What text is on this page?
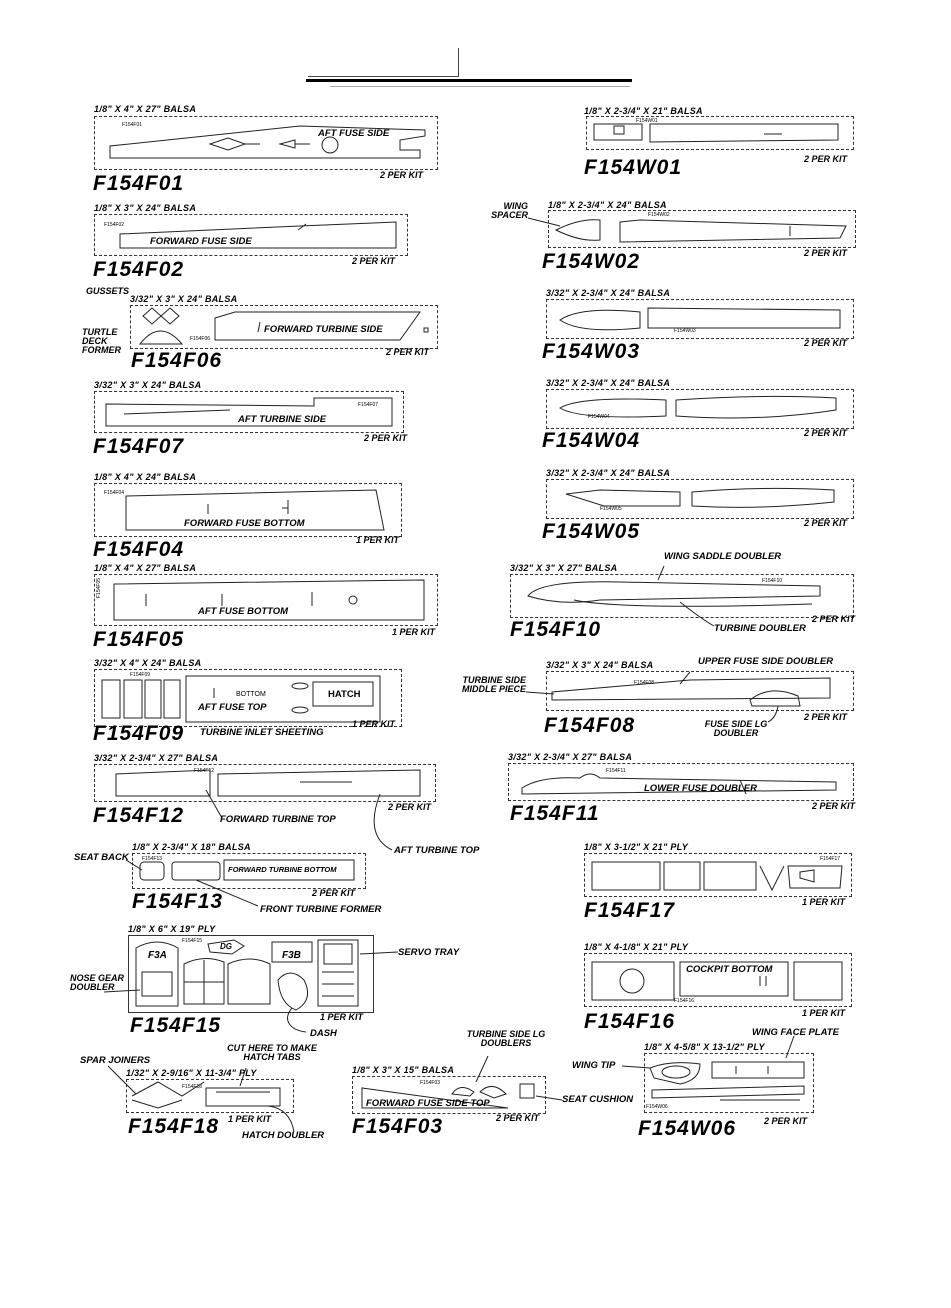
1/8" X 4" X 27" BALSA
F154F01
AFT FUSE SIDE
F154F01	2 PER KIT
1/8" X 3" X 24" BALSA
F154F02
FORWARD FUSE SIDE
F154F02	2 PER KIT
3/32" X 3" X 24" BALSA
F154F06
FORWARD TURBINE SIDE
GUSSETS
TURTLE DECK FORMER F154F06	2 PER KIT
3/32" X 3" X 24" BALSA
F154F07
AFT TURBINE SIDE
F154F07	2 PER KIT
1/8" X 4" X 24" BALSA
F154F04
FORWARD FUSE BOTTOM
F154F04	1 PER KIT
1/8" X 4" X 27" BALSA
F154F05
AFT FUSE BOTTOM
F154F05	1 PER KIT
3/32" X 4" X 24" BALSA
F154F09
HATCH
BOTTOM
AFT FUSE TOP
TURBINE INLET SHEETING
F154F09	1 PER KIT
3/32" X 2-3/4" X 27" BALSA
F154F12
FORWARD TURBINE TOP
AFT TURBINE TOP
F154F12	2 PER KIT
1/8" X 2-3/4" X 18" BALSA
F154F13
FORWARD TURBINE BOTTOM
SEAT BACK
FRONT TURBINE FORMER
F154F13	2 PER KIT
1/8" X 6" X 19" PLY
F154F15
F3A
DG
F3B	SERVO TRAY
NOSE GEAR DOUBLER
DASH
F154F15	1 PER KIT
1/32" X 2-9/16" X 11-3/4" PLY
F154F18
SPAR JOINERS
CUT HERE TO MAKE HATCH TABS
HATCH DOUBLER
F154F18 1 PER KIT
1/8" X 3" X 15" BALSA
F154F03
FORWARD FUSE SIDE TOP
TURBINE SIDE LG DOUBLERS
SEAT CUSHION
F154F03	2 PER KIT
1/8" X 2-3/4" X 21" BALSA
F154W01
F154W01	2 PER KIT
1/8" X 2-3/4" X 24" BALSA
F154W02
WING SPACER
F154W02	2 PER KIT
3/32" X 2-3/4" X 24" BALSA
F154W03
F154W03	2 PER KIT
3/32" X 2-3/4" X 24" BALSA
F154W04
F154W04	2 PER KIT
3/32" X 2-3/4" X 24" BALSA
F154W05
F154W05	2 PER KIT
3/32" X 3" X 27" BALSA
F154F10
WING SADDLE DOUBLER
TURBINE DOUBLER
F154F10	2 PER KIT
3/32" X 3" X 24" BALSA
F154F08
UPPER FUSE SIDE DOUBLER
TURBINE SIDE MIDDLE PIECE
FUSE SIDE LG DOUBLER
F154F08	2 PER KIT
3/32" X 2-3/4" X 27" BALSA
F154F11
LOWER FUSE DOUBLER
F154F11	2 PER KIT
1/8" X 3-1/2" X 21" PLY
F154F17
F154F17	1 PER KIT
1/8" X 4-1/8" X 21" PLY
F154F16
COCKPIT BOTTOM
F154F16	1 PER KIT
1/8" X 4-5/8" X 13-1/2" PLY
F154W06
WING FACE PLATE
WING TIP
F154W06	2 PER KIT
